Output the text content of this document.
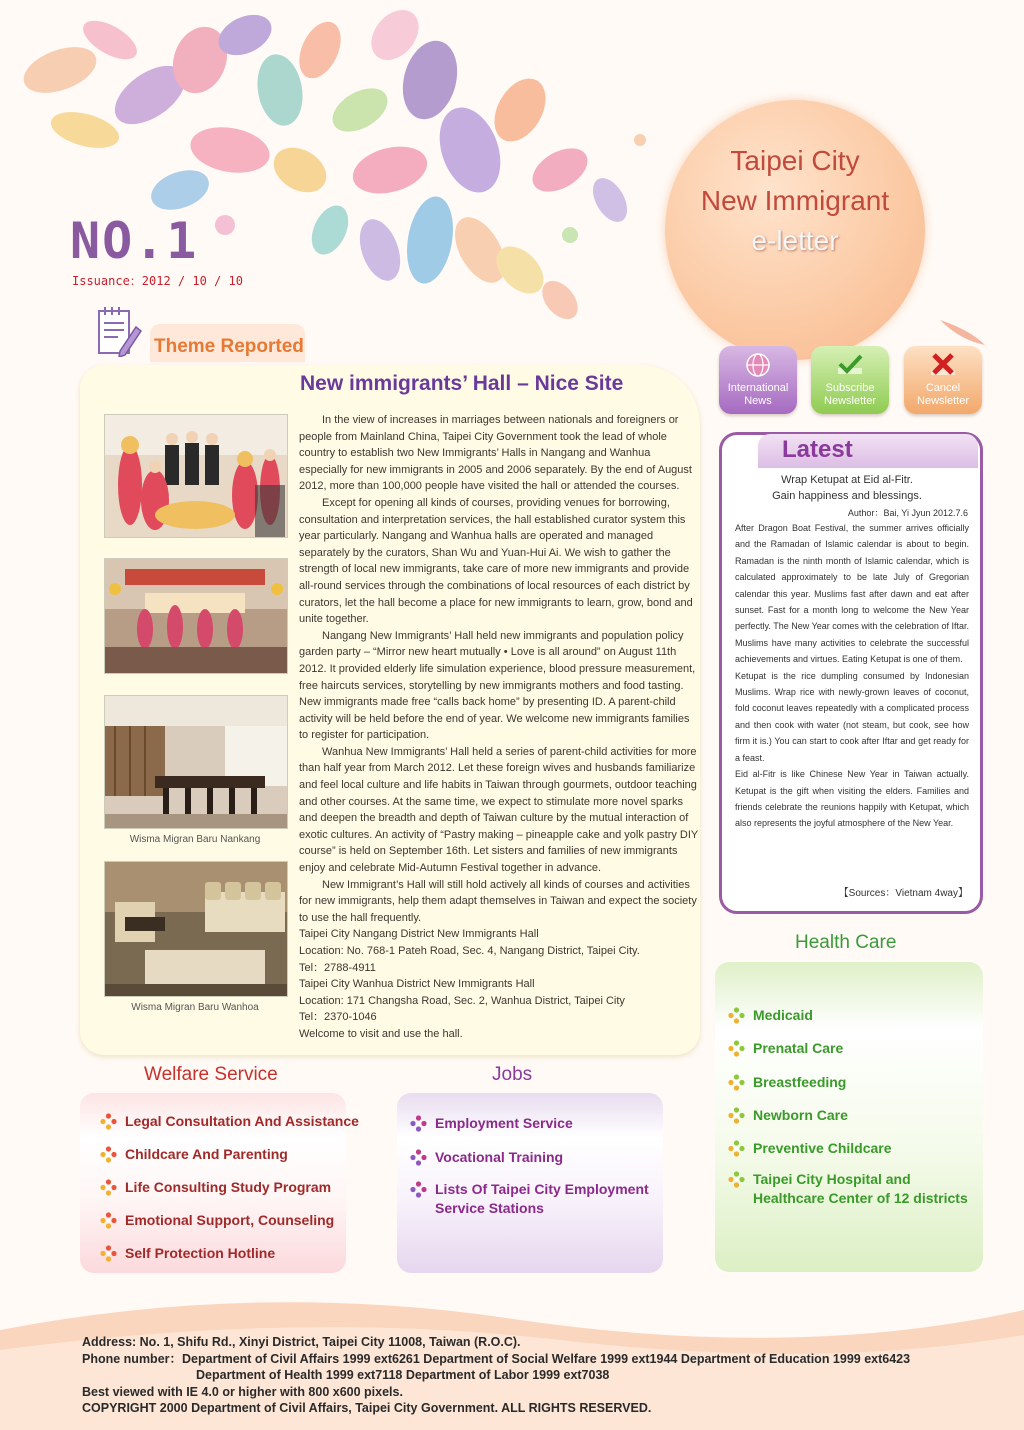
NO.1
Issuance：2012 / 10 / 10
Taipei City
New Immigrant
e-letter
Theme Reported
New immigrants’ Hall – Nice Site
Wisma Migran Baru Nankang
Wisma Migran Baru Wanhoa

In the view of increases in marriages between nationals and foreigners or people from Mainland China, Taipei City Government took the lead of whole country to establish two New Immigrants’ Halls in Nangang and Wanhua especially for new immigrants in 2005 and 2006 separately. By the end of August 2012, more than 100,000 people have visited the hall or attended the courses.

Except for opening all kinds of courses, providing venues for borrowing, consultation and interpretation services, the hall established curator system this year particularly. Nangang and Wanhua halls are operated and managed separately by the curators, Shan Wu and Yuan-Hui Ai. We wish to gather the strength of local new immigrants, take care of more new immigrants and provide all-round services through the combinations of local resources of each district by curators, let the hall become a place for new immigrants to learn, grow, bond and unite together.

Nangang New Immigrants’ Hall held new immigrants and population policy garden party – “Mirror new heart mutually • Love is all around” on August 11th 2012. It provided elderly life simulation experience, blood pressure measurement, free haircuts services, storytelling by new immigrants mothers and food tasting. New immigrants made free “calls back home” by presenting ID. A parent-child activity will be held before the end of year. We welcome new immigrants families to register for participation.

Wanhua New Immigrants’ Hall held a series of parent-child activities for more than half year from March 2012. Let these foreign wives and husbands familiarize and feel local culture and life habits in Taiwan through gourmets, outdoor teaching and other courses. At the same time, we expect to stimulate more novel sparks and deepen the breadth and depth of Taiwan culture by the mutual interaction of exotic cultures. An activity of “Pastry making – pineapple cake and yolk pastry DIY course” is held on September 16th. Let sisters and families of new immigrants enjoy and celebrate Mid-Autumn Festival together in advance.

New Immigrant’s Hall will still hold actively all kinds of courses and activities for new immigrants, help them adapt themselves in Taiwan and expect the society to use the hall frequently.

Taipei City Nangang District New Immigrants Hall

Location: No. 768-1 Pateh Road, Sec. 4, Nangang District, Taipei City.

Tel：2788-4911

Taipei City Wanhua District New Immigrants Hall

Location: 171 Changsha Road, Sec. 2, Wanhua District, Taipei City

Tel：2370-1046

Welcome to visit and use the hall.

International News
Subscribe Newsletter
Cancel Newsletter
Latest
Wrap Ketupat at Eid al-Fitr.
Gain happiness and blessings.
Author：Bai, Yi Jyun 2012.7.6

After Dragon Boat Festival, the summer arrives officially and the Ramadan of Islamic calendar is about to begin. Ramadan is the ninth month of Islamic calendar, which is calculated approximately to be late July of Gregorian calendar this year. Muslims fast after dawn and eat after sunset. Fast for a month long to welcome the New Year perfectly. The New Year comes with the celebration of Iftar. Muslims have many activities to celebrate the successful achievements and virtues. Eating Ketupat is one of them.

Ketupat is the rice dumpling consumed by Indonesian Muslims. Wrap rice with newly-grown leaves of coconut, fold coconut leaves repeatedly with a complicated process and then cook with water (not steam, but cook, see how firm it is.) You can start to cook after Iftar and get ready for a feast.

Eid al-Fitr is like Chinese New Year in Taiwan actually. Ketupat is the gift when visiting the elders. Families and friends celebrate the reunions happily with Ketupat, which also represents the joyful atmosphere of the New Year.

【Sources：Vietnam 4way】
Health Care
Medicaid
Prenatal Care
Breastfeeding
Newborn Care
Preventive Childcare
Taipei City Hospital and Healthcare Center of 12 districts
Welfare Service
Legal Consultation And Assistance
Childcare And Parenting
Life Consulting Study Program
Emotional Support, Counseling
Self Protection Hotline
Jobs
Employment Service
Vocational Training
Lists Of Taipei City Employment Service Stations
Address: No. 1, Shifu Rd., Xinyi District, Taipei City 11008, Taiwan (R.O.C).
Phone number：Department of Civil Affairs 1999 ext6261 Department of Social Welfare 1999 ext1944 Department of Education 1999 ext6423
Department of Health 1999 ext7118 Department of Labor 1999 ext7038
Best viewed with IE 4.0 or higher with 800 x600 pixels.
COPYRIGHT 2000 Department of Civil Affairs, Taipei City Government. ALL RIGHTS RESERVED.
